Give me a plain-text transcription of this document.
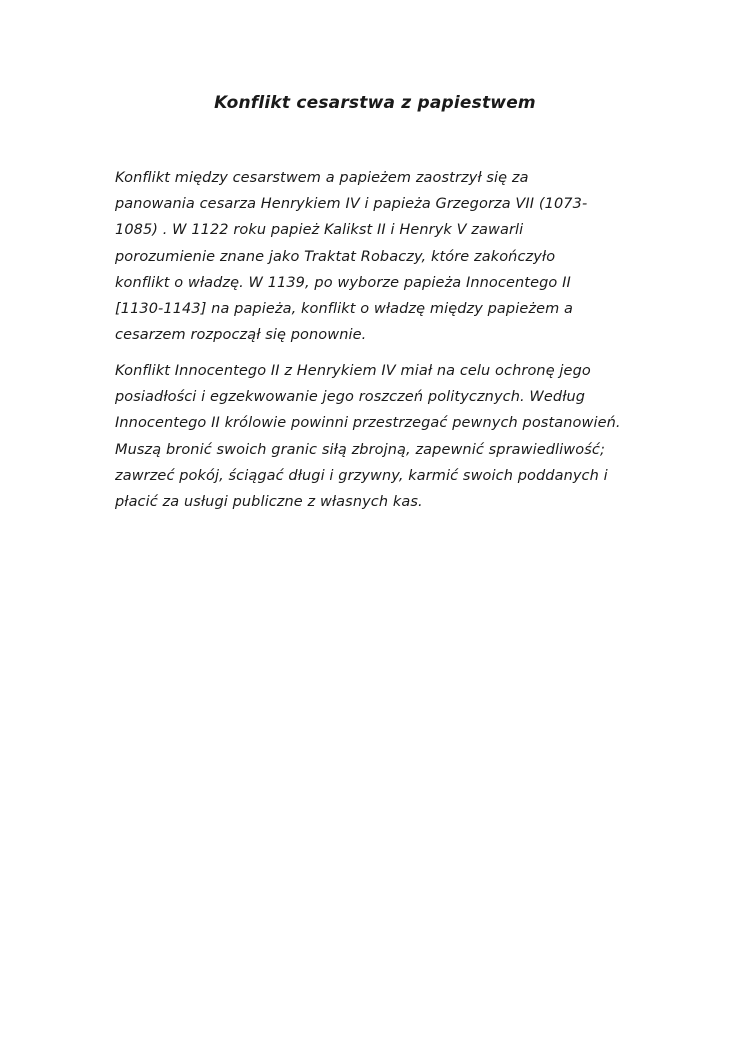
Konflikt cesarstwa z papiestwem
Konflikt między cesarstwem a papieżem zaostrzył się za
panowania cesarza Henrykiem IV i papieża Grzegorza VII (1073-
1085) . W 1122 roku papież Kalikst II i Henryk V zawarli
porozumienie znane jako Traktat Robaczy, które zakończyło
konflikt o władzę. W 1139, po wyborze papieża Innocentego II
[1130-1143] na papieża, konflikt o władzę między papieżem a
cesarzem rozpoczął się ponownie.
Konflikt Innocentego II z Henrykiem IV miał na celu ochronę jego
posiadłości i egzekwowanie jego roszczeń politycznych. Według
Innocentego II królowie powinni przestrzegać pewnych postanowień.
Muszą bronić swoich granic siłą zbrojną, zapewnić sprawiedliwość;
zawrzeć pokój, ściągać długi i grzywny, karmić swoich poddanych i
płacić za usługi publiczne z własnych kas.
